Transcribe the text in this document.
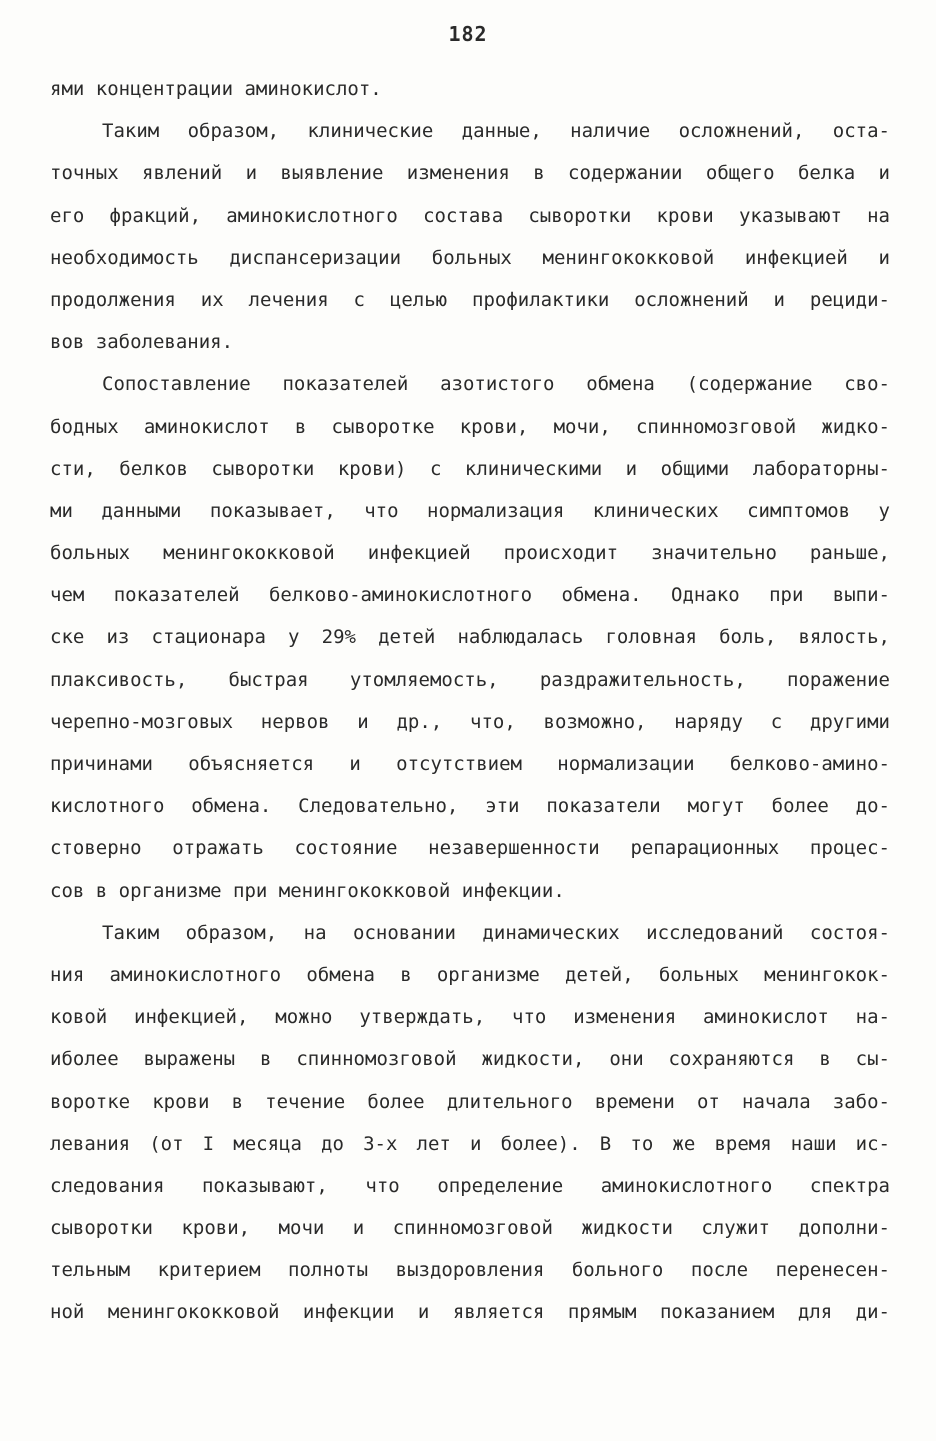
182
ями концентрации аминокислот.
Таким образом, клинические данные, наличие осложнений, оста-
точных явлений и выявление изменения в содержании общего белка и
его фракций, аминокислотного состава сыворотки крови указывают на
необходимость диспансеризации больных менингококковой инфекцией и
продолжения их лечения с целью профилактики осложнений и рециди-
вов заболевания.
Сопоставление показателей азотистого обмена (содержание сво-
бодных аминокислот в сыворотке крови, мочи, спинномозговой жидко-
сти, белков сыворотки крови) с клиническими и общими лабораторны-
ми данными показывает, что нормализация клинических симптомов у
больных менингококковой инфекцией происходит значительно раньше,
чем показателей белково-аминокислотного обмена. Однако при выпи-
ске из стационара у 29% детей наблюдалась головная боль, вялость,
плаксивость, быстрая утомляемость, раздражительность, поражение
черепно-мозговых нервов и др., что, возможно, наряду с другими
причинами объясняется и отсутствием нормализации белково-амино-
кислотного обмена. Следовательно, эти показатели могут более до-
стоверно отражать состояние незавершенности репарационных процес-
сов в организме при менингококковой инфекции.
Таким образом, на основании динамических исследований состоя-
ния аминокислотного обмена в организме детей, больных менингокок-
ковой инфекцией, можно утверждать, что изменения аминокислот на-
иболее выражены в спинномозговой жидкости, они сохраняются в сы-
воротке крови в течение более длительного времени от начала забо-
левания (от I месяца до 3-х лет и более). В то же время наши ис-
следования показывают, что определение аминокислотного спектра
сыворотки крови, мочи и спинномозговой жидкости служит дополни-
тельным критерием полноты выздоровления больного после перенесен-
ной менингококковой инфекции и является прямым показанием для ди-
